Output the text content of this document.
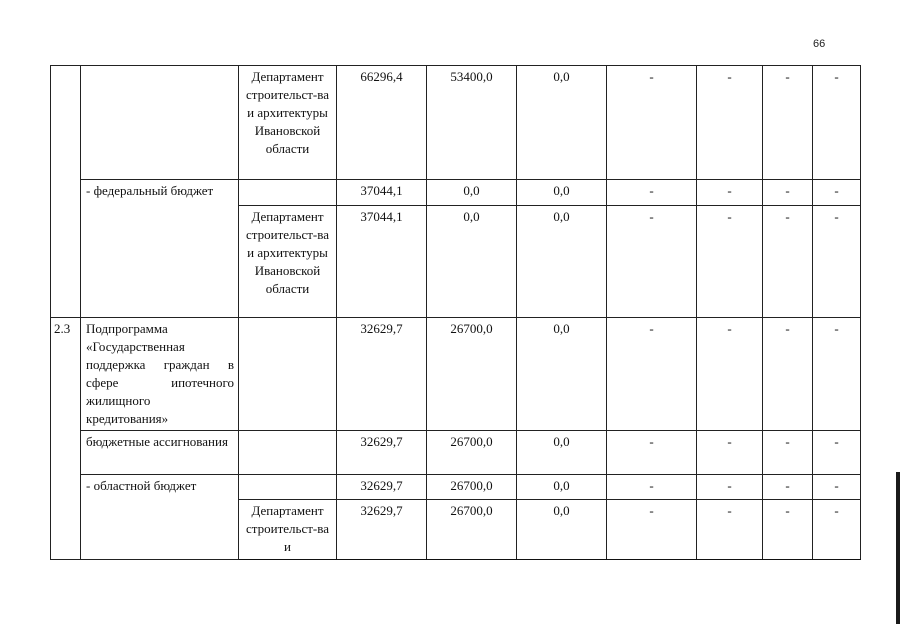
66
		Департамент строительст-ва и архитектуры Ивановской области	66296,4	53400,0	0,0	-	-	-	-
	- федеральный бюджет		37044,1	0,0	0,0	-	-	-	-
		Департамент строительст-ва и архитектуры Ивановской области	37044,1	0,0	0,0	-	-	-	-
2.3	Подпрограмма «Государственная поддержка граждан в сфере ипотечного жилищного кредитования»		32629,7	26700,0	0,0	-	-	-	-
	бюджетные ассигнования		32629,7	26700,0	0,0	-	-	-	-
	- областной бюджет		32629,7	26700,0	0,0	-	-	-	-
		Департамент строительст-ва и	32629,7	26700,0	0,0	-	-	-	-
